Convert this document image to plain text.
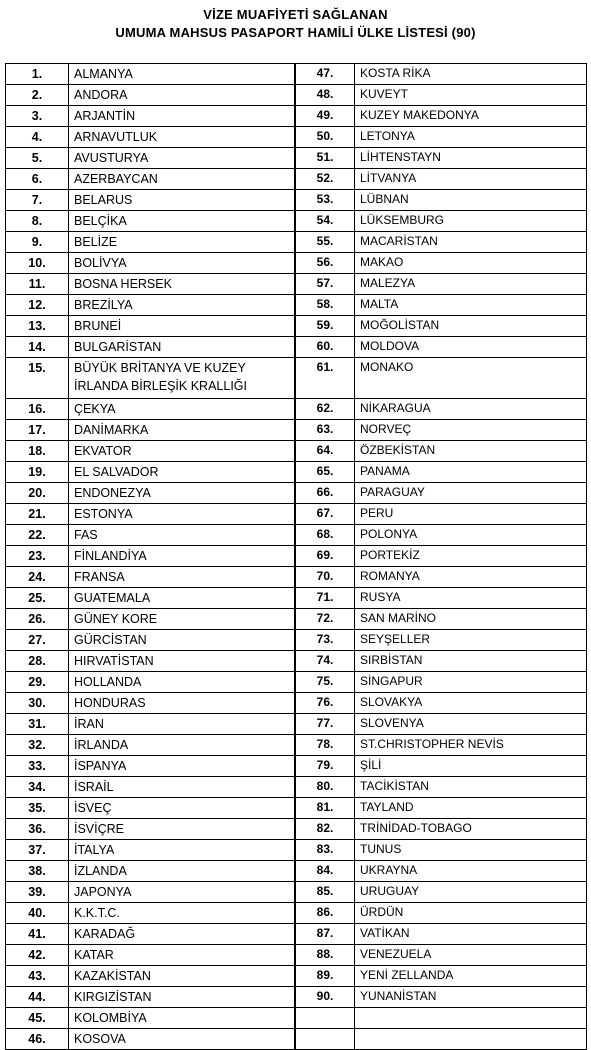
VİZE MUAFİYETİ SAĞLANAN
UMUMA MAHSUS PASAPORT HAMİLİ ÜLKE LİSTESİ (90)
1.	ALMANYA
2.	ANDORA
3.	ARJANTİN
4.	ARNAVUTLUK
5.	AVUSTURYA
6.	AZERBAYCAN
7.	BELARUS
8.	BELÇİKA
9.	BELİZE
10.	BOLİVYA
11.	BOSNA HERSEK
12.	BREZİLYA
13.	BRUNEİ
14.	BULGARİSTAN
15.	BÜYÜK BRİTANYA VE KUZEY İRLANDA BİRLEŞİK KRALLIĞI
16.	ÇEKYA
17.	DANİMARKA
18.	EKVATOR
19.	EL SALVADOR
20.	ENDONEZYA
21.	ESTONYA
22.	FAS
23.	FİNLANDİYA
24.	FRANSA
25.	GUATEMALA
26.	GÜNEY KORE
27.	GÜRCİSTAN
28.	HIRVATİSTAN
29.	HOLLANDA
30.	HONDURAS
31.	İRAN
32.	İRLANDA
33.	İSPANYA
34.	İSRAİL
35.	İSVEÇ
36.	İSVİÇRE
37.	İTALYA
38.	İZLANDA
39.	JAPONYA
40.	K.K.T.C.
41.	KARADAĞ
42.	KATAR
43.	KAZAKİSTAN
44.	KIRGIZİSTAN
45.	KOLOMBİYA
46.	KOSOVA
47.	KOSTA RİKA
48.	KUVEYT
49.	KUZEY MAKEDONYA
50.	LETONYA
51.	LİHTENSTAYN
52.	LİTVANYA
53.	LÜBNAN
54.	LÜKSEMBURG
55.	MACARİSTAN
56.	MAKAO
57.	MALEZYA
58.	MALTA
59.	MOĞOLİSTAN
60.	MOLDOVA
61.	MONAKO
62.	NİKARAGUA
63.	NORVEÇ
64.	ÖZBEKİSTAN
65.	PANAMA
66.	PARAGUAY
67.	PERU
68.	POLONYA
69.	PORTEKİZ
70.	ROMANYA
71.	RUSYA
72.	SAN MARİNO
73.	SEYŞELLER
74.	SIRBİSTAN
75.	SİNGAPUR
76.	SLOVAKYA
77.	SLOVENYA
78.	ST.CHRISTOPHER NEVİS
79.	ŞİLİ
80.	TACİKİSTAN
81.	TAYLAND
82.	TRİNİDAD-TOBAGO
83.	TUNUS
84.	UKRAYNA
85.	URUGUAY
86.	ÜRDÜN
87.	VATİKAN
88.	VENEZUELA
89.	YENİ ZELLANDA
90.	YUNANİSTAN
